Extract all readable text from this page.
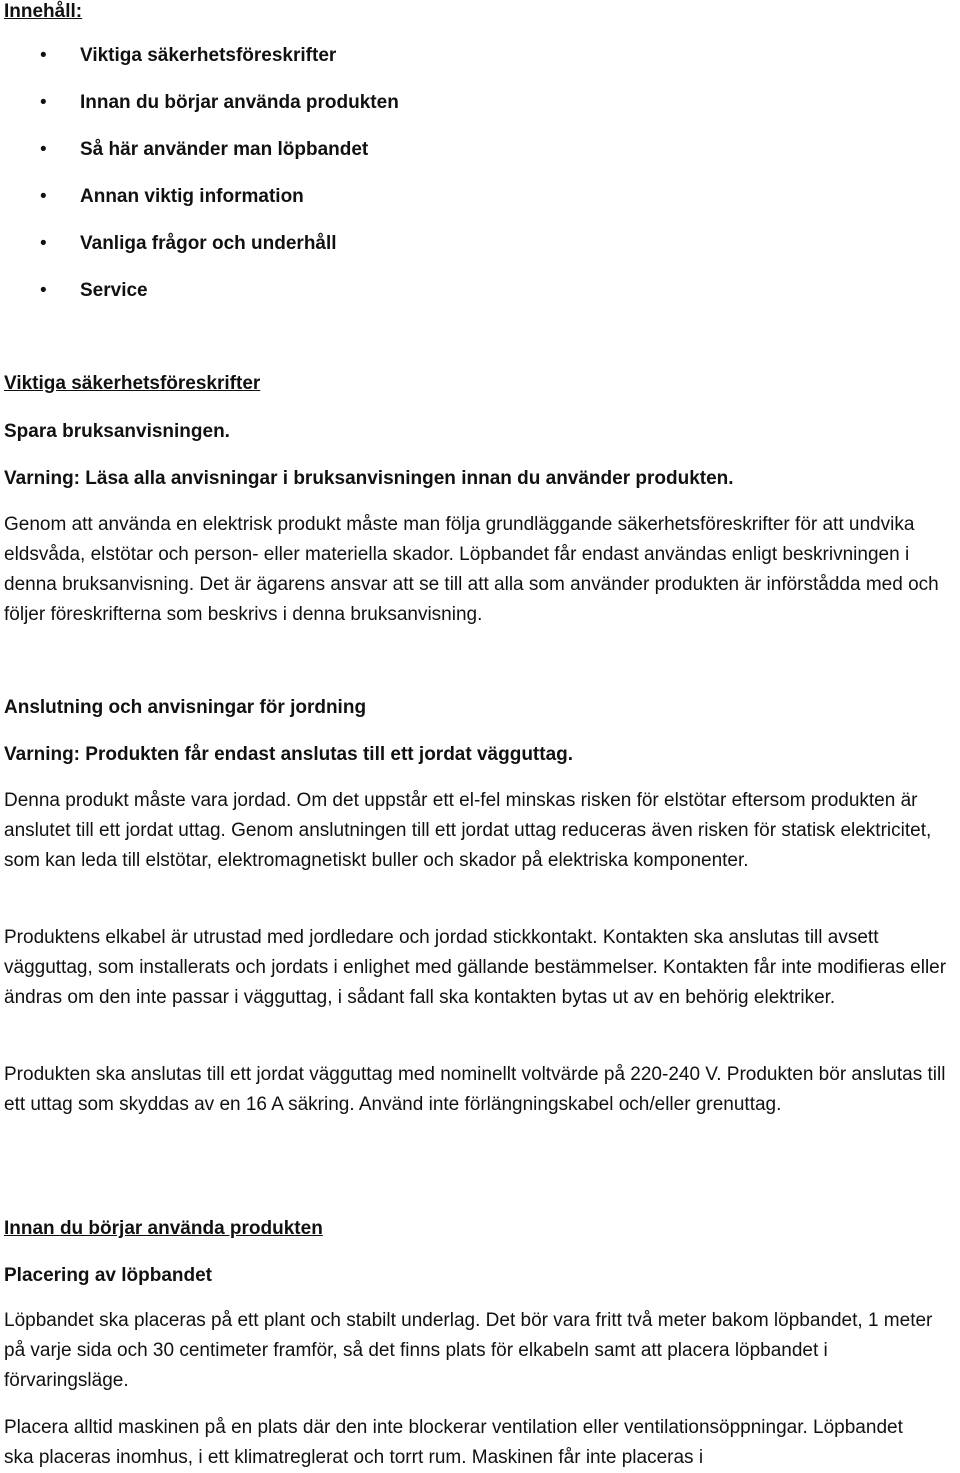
Innehåll:
• Viktiga säkerhetsföreskrifter
• Innan du börjar använda produkten
• Så här använder man löpbandet
• Annan viktig information
• Vanliga frågor och underhåll
• Service
Viktiga säkerhetsföreskrifter
Spara bruksanvisningen.
Varning: Läsa alla anvisningar i bruksanvisningen innan du använder produkten.

Genom att använda en elektrisk produkt måste man följa grundläggande säkerhetsföreskrifter för att undvika eldsvåda, elstötar och person- eller materiella skador. Löpbandet får endast användas enligt beskrivningen i denna bruksanvisning. Det är ägarens ansvar att se till att alla som använder produkten är införstådda med och följer föreskrifterna som beskrivs i denna bruksanvisning.

Anslutning och anvisningar för jordning
Varning: Produkten får endast anslutas till ett jordat vägguttag.

Denna produkt måste vara jordad. Om det uppstår ett el-fel minskas risken för elstötar eftersom produkten är anslutet till ett jordat uttag. Genom anslutningen till ett jordat uttag reduceras även risken för statisk elektricitet, som kan leda till elstötar, elektromagnetiskt buller och skador på elektriska komponenter.

Produktens elkabel är utrustad med jordledare och jordad stickkontakt. Kontakten ska anslutas till avsett vägguttag, som installerats och jordats i enlighet med gällande bestämmelser. Kontakten får inte modifieras eller ändras om den inte passar i vägguttag, i sådant fall ska kontakten bytas ut av en behörig elektriker.

Produkten ska anslutas till ett jordat vägguttag med nominellt voltvärde på 220-240 V. Produkten bör anslutas till ett uttag som skyddas av en 16 A säkring. Använd inte förlängningskabel och/eller grenuttag.

Innan du börjar använda produkten
Placering av löpbandet

Löpbandet ska placeras på ett plant och stabilt underlag. Det bör vara fritt två meter bakom löpbandet, 1 meter på varje sida och 30 centimeter framför, så det finns plats för elkabeln samt att placera löpbandet i förvaringsläge.

Placera alltid maskinen på en plats där den inte blockerar ventilation eller ventilationsöppningar. Löpbandet ska placeras inomhus, i ett klimatreglerat och torrt rum. Maskinen får inte placeras i
